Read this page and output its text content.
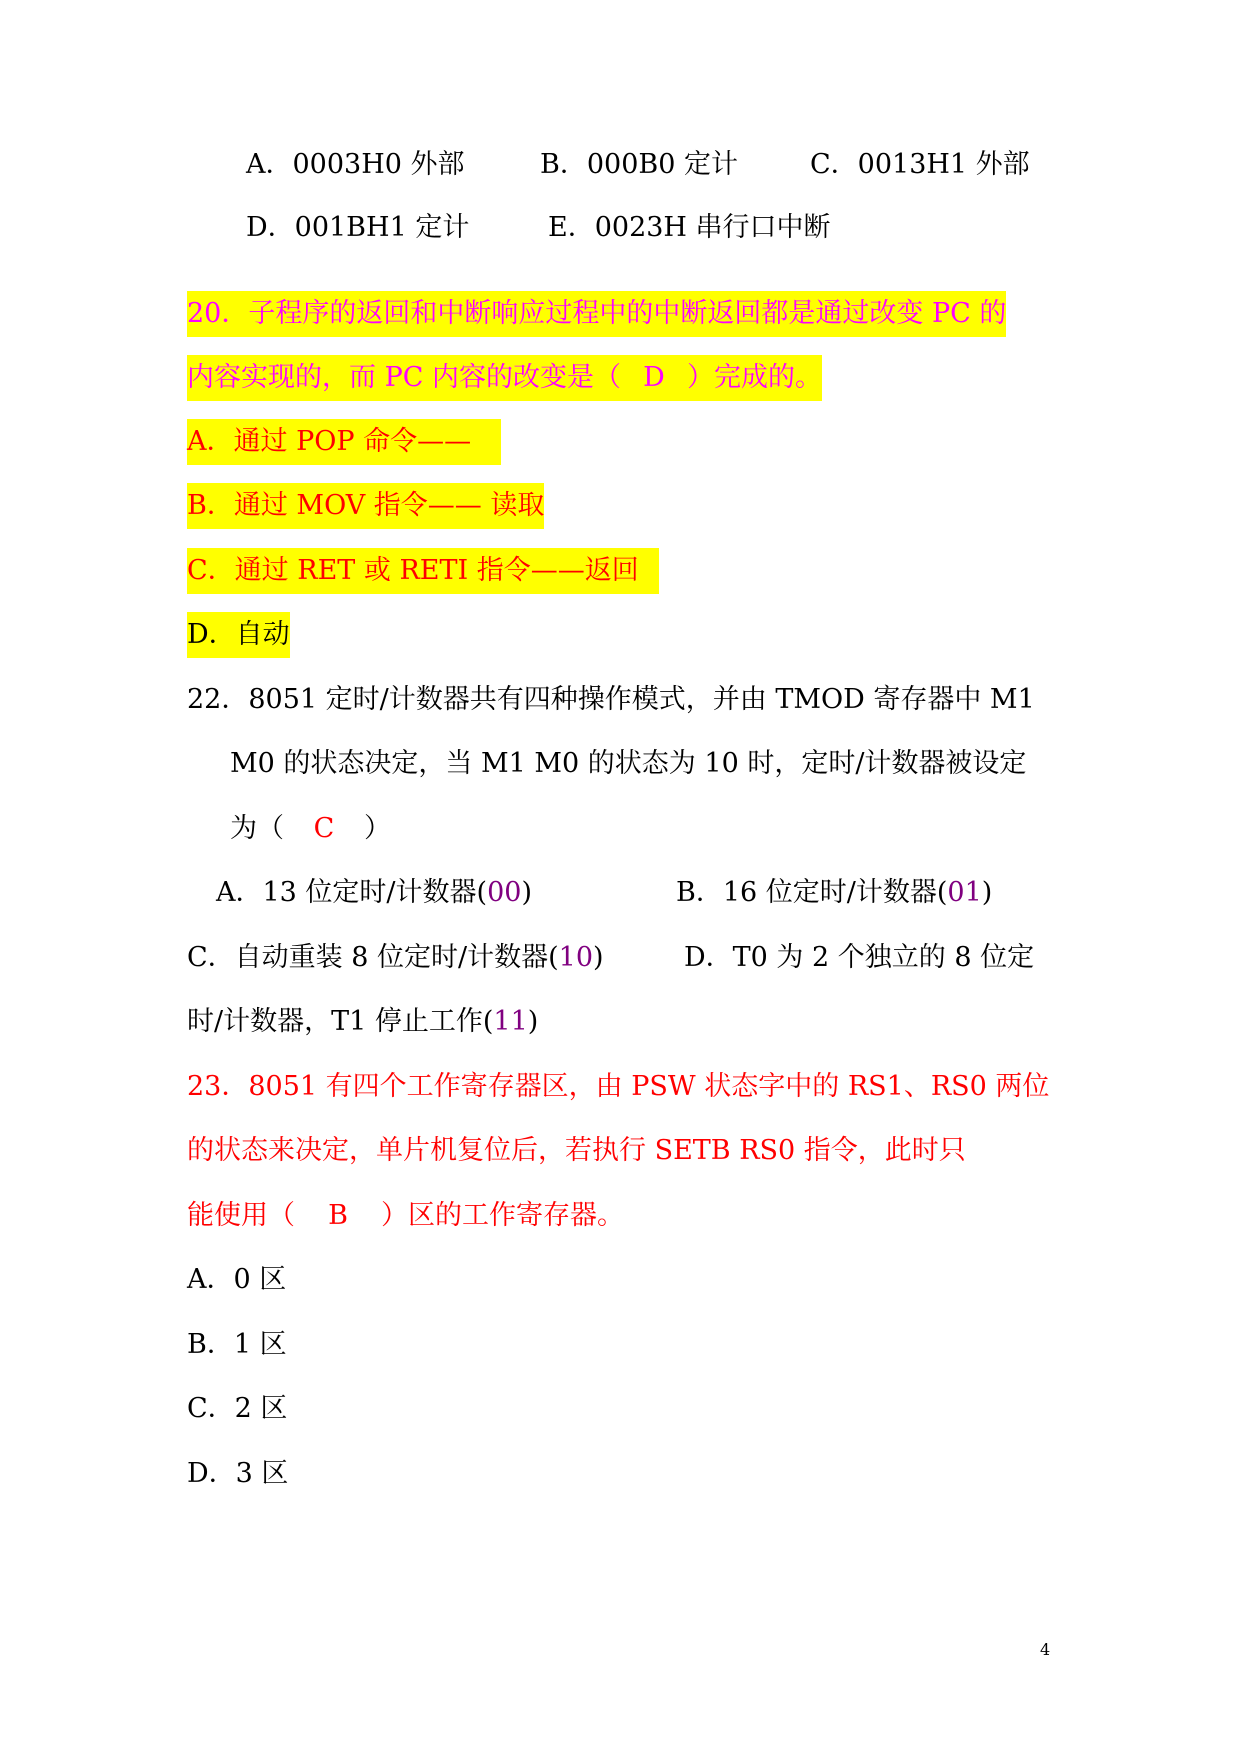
A．0003H0 外部	B．000B0 定计	C．0013H1 外部
D．001BH1 定计	E．0023H 串行口中断
20．子程序的返回和中断响应过程中的中断返回都是通过改变 PC 的
内容实现的，而 PC 内容的改变是（ D ）完成的。
A．通过 POP 命令——
B．通过 MOV 指令—— 读取
C．通过 RET 或 RETI 指令——返回
D．自动
22．8051 定时/计数器共有四种操作模式，并由 TMOD 寄存器中 M1
M0 的状态决定，当 M1 M0 的状态为 10 时，定时/计数器被设定
为（ C ）
A．13 位定时/计数器(00)	B．16 位定时/计数器(01)
C．自动重装 8 位定时/计数器(10)	D．T0 为 2 个独立的 8 位定
时/计数器，T1 停止工作(11)
23．8051 有四个工作寄存器区，由 PSW 状态字中的 RS1、RS0 两位
的状态来决定，单片机复位后，若执行 SETB RS0 指令，此时只
能使用（ B ）区的工作寄存器。
A．0 区
B．1 区
C．2 区
D．3 区
4
